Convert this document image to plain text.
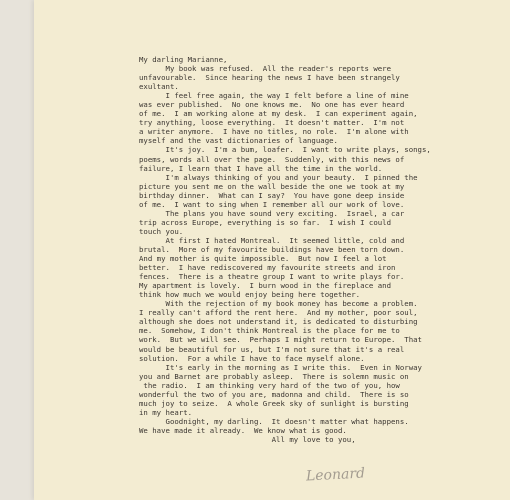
My darling Marianne,
My book was refused.  All the reader's reports were
unfavourable.  Since hearing the news I have been strangely
exultant.
I feel free again, the way I felt before a line of mine
was ever published.  No one knows me.  No one has ever heard
of me.  I am working alone at my desk.  I can experiment again,
try anything, loose everything.  It doesn't matter.  I'm not
a writer anymore.  I have no titles, no role.  I'm alone with
myself and the vast dictionaries of language.
It's joy.  I'm a bum, loafer.  I want to write plays, songs,
poems, words all over the page.  Suddenly, with this news of
failure, I learn that I have all the time in the world.
I'm always thinking of you and your beauty.  I pinned the
picture you sent me on the wall beside the one we took at my
birthday dinner.  What can I say?  You have gone deep inside
of me.  I want to sing when I remember all our work of love.
The plans you have sound very exciting.  Israel, a car
trip across Europe, everything is so far.  I wish I could
touch you.
At first I hated Montreal.  It seemed little, cold and
brutal.  More of my favourite buildings have been torn down.
And my mother is quite impossible.  But now I feel a lot
better.  I have rediscovered my favourite streets and iron
fences.  There is a theatre group I want to write plays for.
My apartment is lovely.  I burn wood in the fireplace and
think how much we would enjoy being here together.
With the rejection of my book money has become a problem.
I really can't afford the rent here.  And my mother, poor soul,
although she does not understand it, is dedicated to disturbing
me.  Somehow, I don't think Montreal is the place for me to
work.  But we will see.  Perhaps I might return to Europe.  That
would be beautiful for us, but I'm not sure that it's a real
solution.  For a while I have to face myself alone.
It's early in the morning as I write this.  Even in Norway
you and Barnet are probably asleep.  There is solemn music on
the radio.  I am thinking very hard of the two of you, how
wonderful the two of you are, madonna and child.  There is so
much joy to seize.  A whole Greek sky of sunlight is bursting
in my heart.
Goodnight, my darling.  It doesn't matter what happens.
We have made it already.  We know what is good.
All my love to you,
Leonard
